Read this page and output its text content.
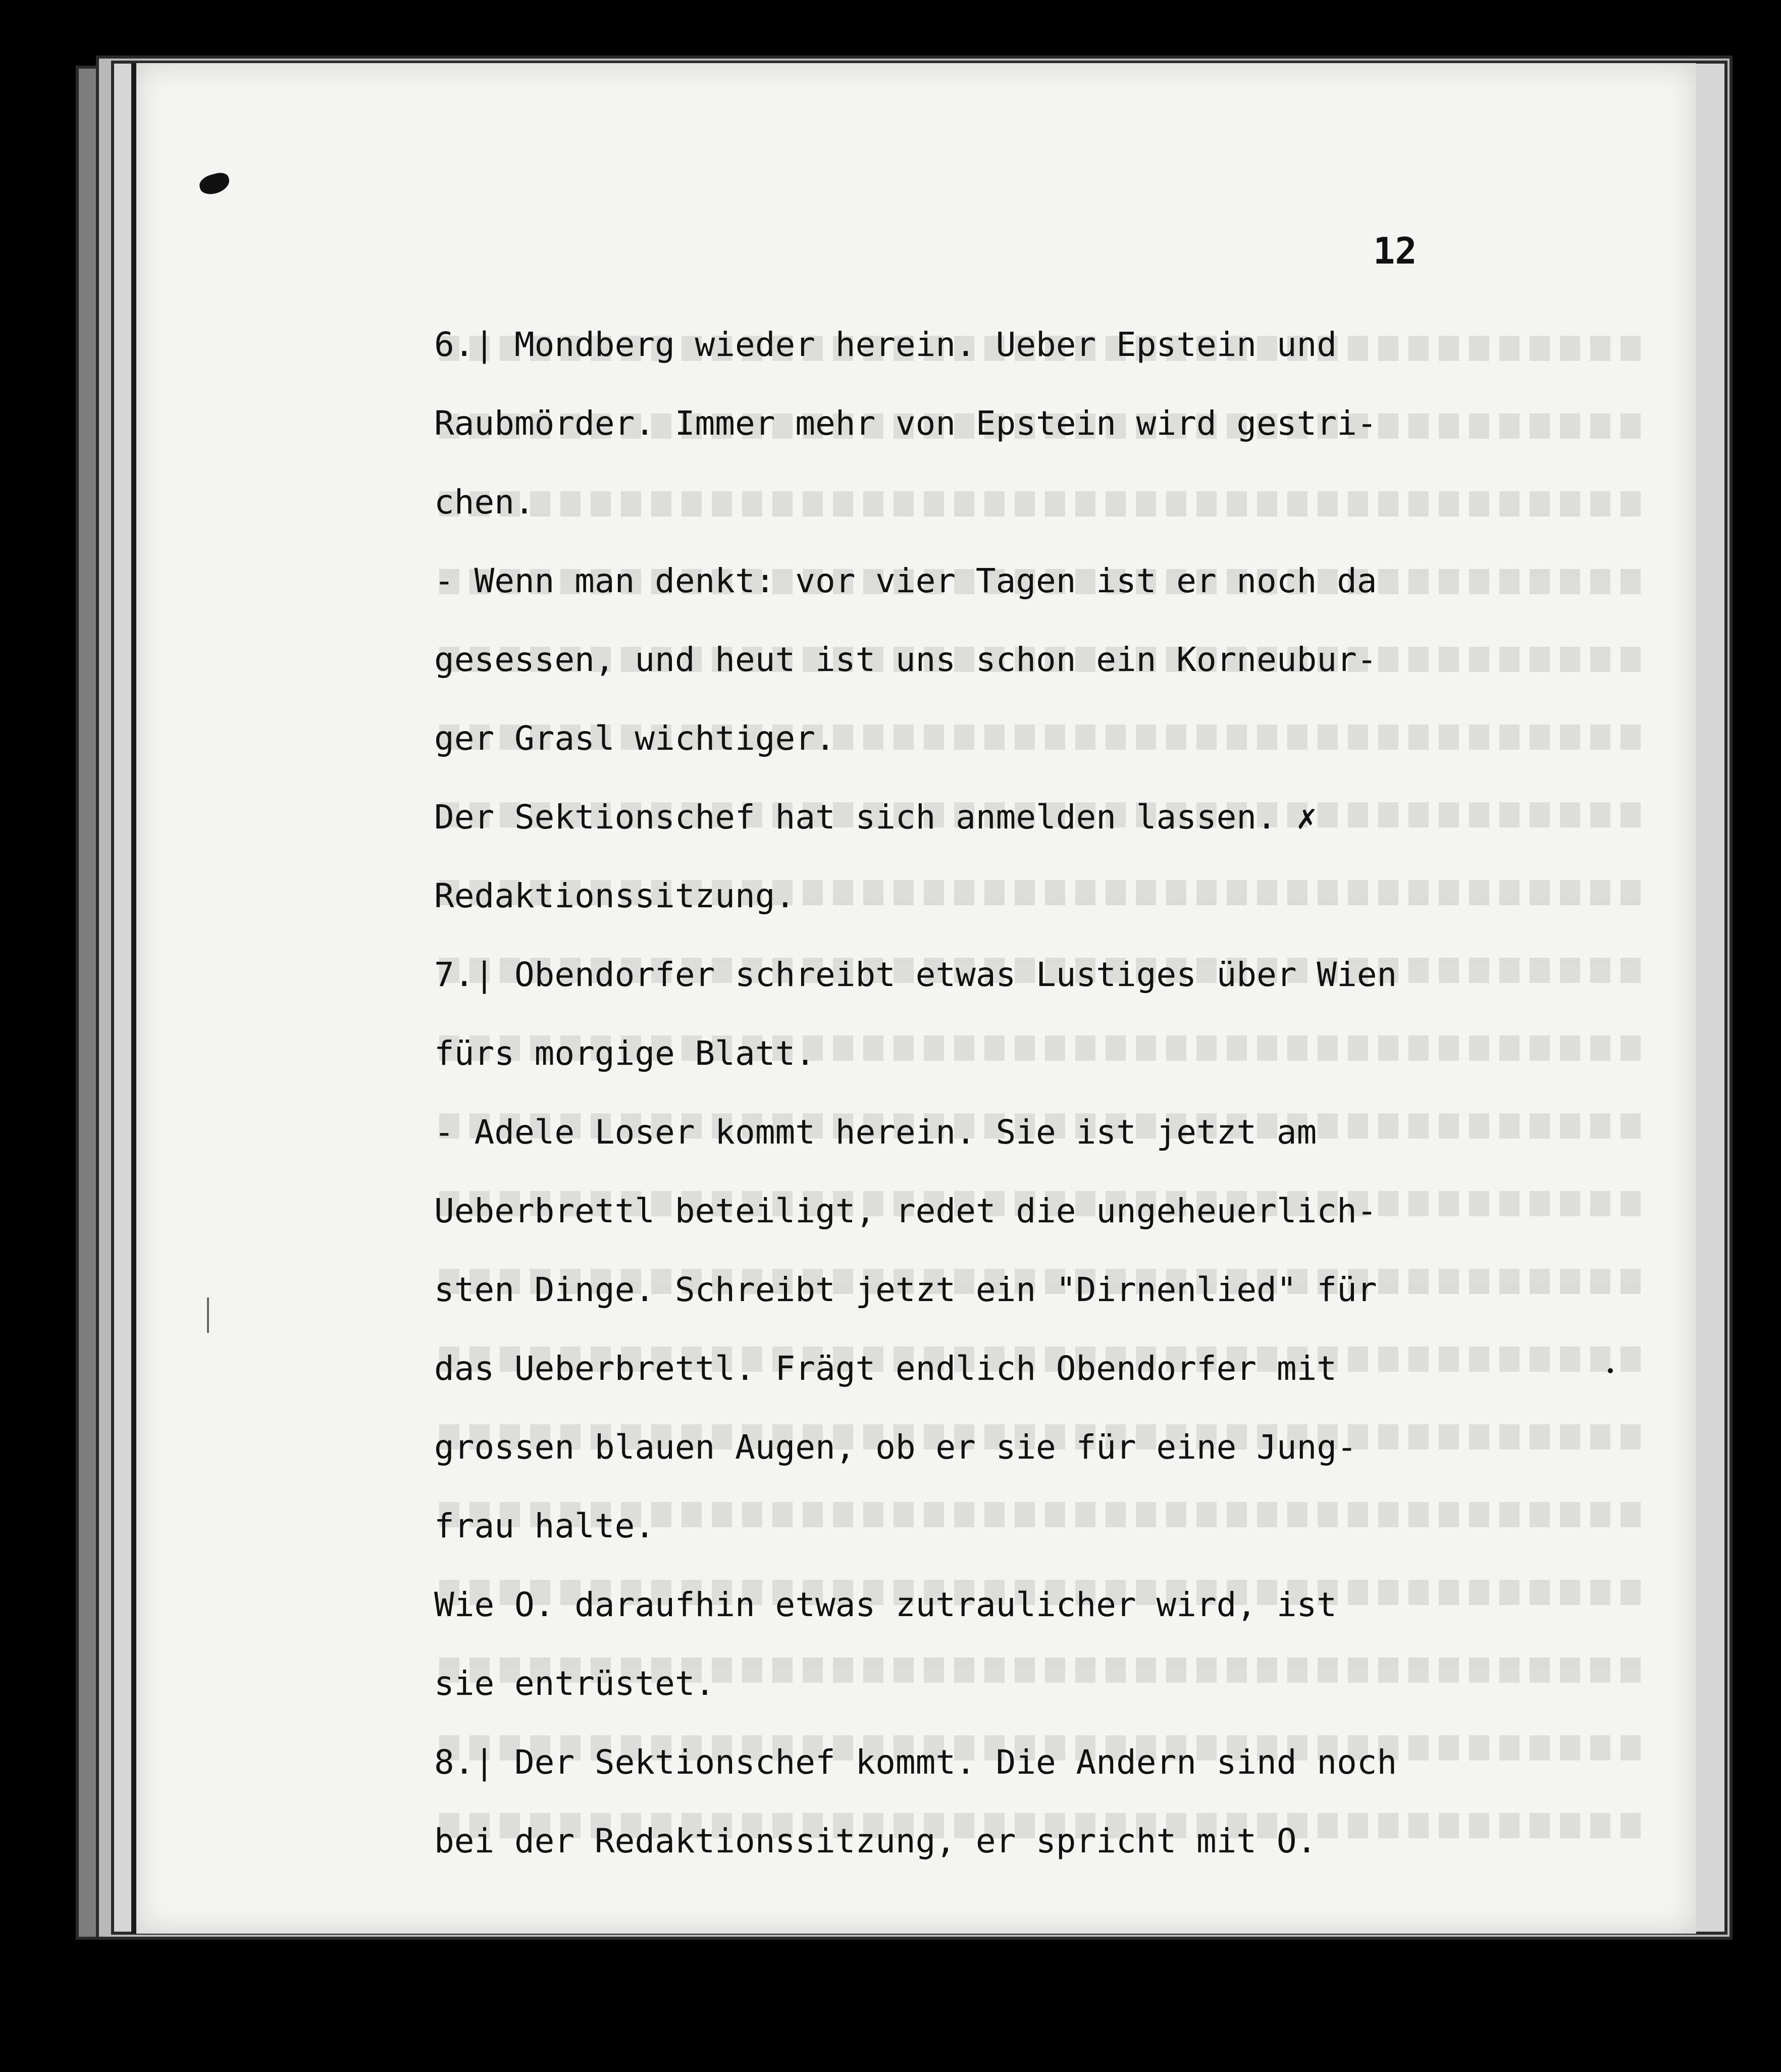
12
6.| Mondberg wieder herein. Ueber Epstein und
Raubmörder. Immer mehr von Epstein wird gestri-
chen.
- Wenn man denkt: vor vier Tagen ist er noch da
gesessen, und heut ist uns schon ein Korneubur-
ger Grasl wichtiger.
Der Sektionschef hat sich anmelden lassen. ✗
Redaktionssitzung.
7.| Obendorfer schreibt etwas Lustiges über Wien
fürs morgige Blatt.
- Adele Loser kommt herein. Sie ist jetzt am
Ueberbrettl beteiligt, redet die ungeheuerlich-
sten Dinge. Schreibt jetzt ein "Dirnenlied" für
das Ueberbrettl. Frägt endlich Obendorfer mit
grossen blauen Augen, ob er sie für eine Jung-
frau halte.
Wie O. daraufhin etwas zutraulicher wird, ist
sie entrüstet.
8.| Der Sektionschef kommt. Die Andern sind noch
bei der Redaktionssitzung, er spricht mit O.
